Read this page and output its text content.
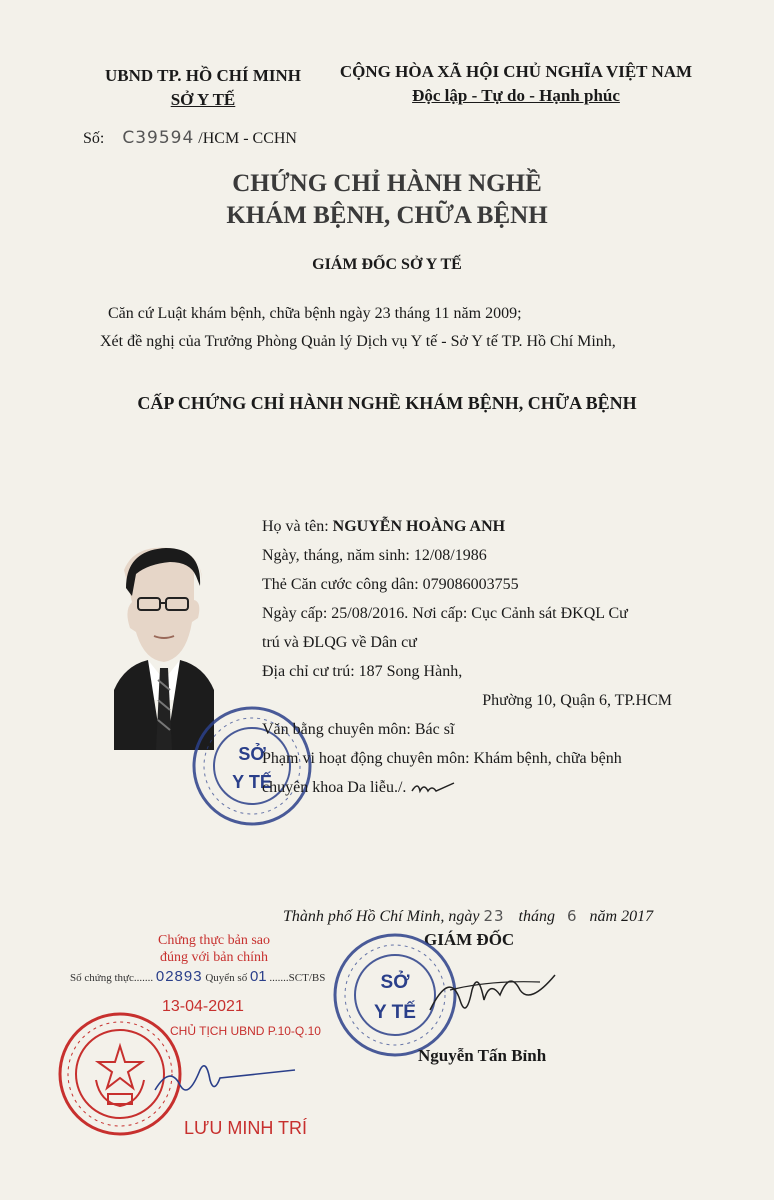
UBND TP. HỒ CHÍ MINH
SỞ Y TẾ
CỘNG HÒA XÃ HỘI CHỦ NGHĨA VIỆT NAM
Độc lập - Tự do - Hạnh phúc
Số: C39594 /HCM - CCHN
CHỨNG CHỈ HÀNH NGHỀ
KHÁM BỆNH, CHỮA BỆNH
GIÁM ĐỐC SỞ Y TẾ
Căn cứ Luật khám bệnh, chữa bệnh ngày 23 tháng 11 năm 2009;
Xét đề nghị của Trưởng Phòng Quản lý Dịch vụ Y tế - Sở Y tế TP. Hồ Chí Minh,
CẤP CHỨNG CHỈ HÀNH NGHỀ KHÁM BỆNH, CHỮA BỆNH
SỞ
Y TẾ

Họ và tên: NGUYỄN HOÀNG ANH

Ngày, tháng, năm sinh: 12/08/1986

Thẻ Căn cước công dân: 079086003755

Ngày cấp: 25/08/2016. Nơi cấp: Cục Cảnh sát ĐKQL Cư

trú và ĐLQG về Dân cư

Địa chỉ cư trú: 187 Song Hành,

Phường 10, Quận 6, TP.HCM

Văn bằng chuyên môn: Bác sĩ

Phạm vi hoạt động chuyên môn: Khám bệnh, chữa bệnh

chuyên khoa Da liễu./.

Thành phố Hồ Chí Minh, ngày 23 tháng 6 năm 2017
GIÁM ĐỐC
SỞ
Y TẾ
Nguyễn Tấn Bỉnh
Chứng thực bản sao
đúng với bản chính
Số chứng thực....... 02893 Quyển số 01 .......SCT/BS
13-04-2021
CHỦ TỊCH UBND P.10-Q.10
LƯU MINH TRÍ
